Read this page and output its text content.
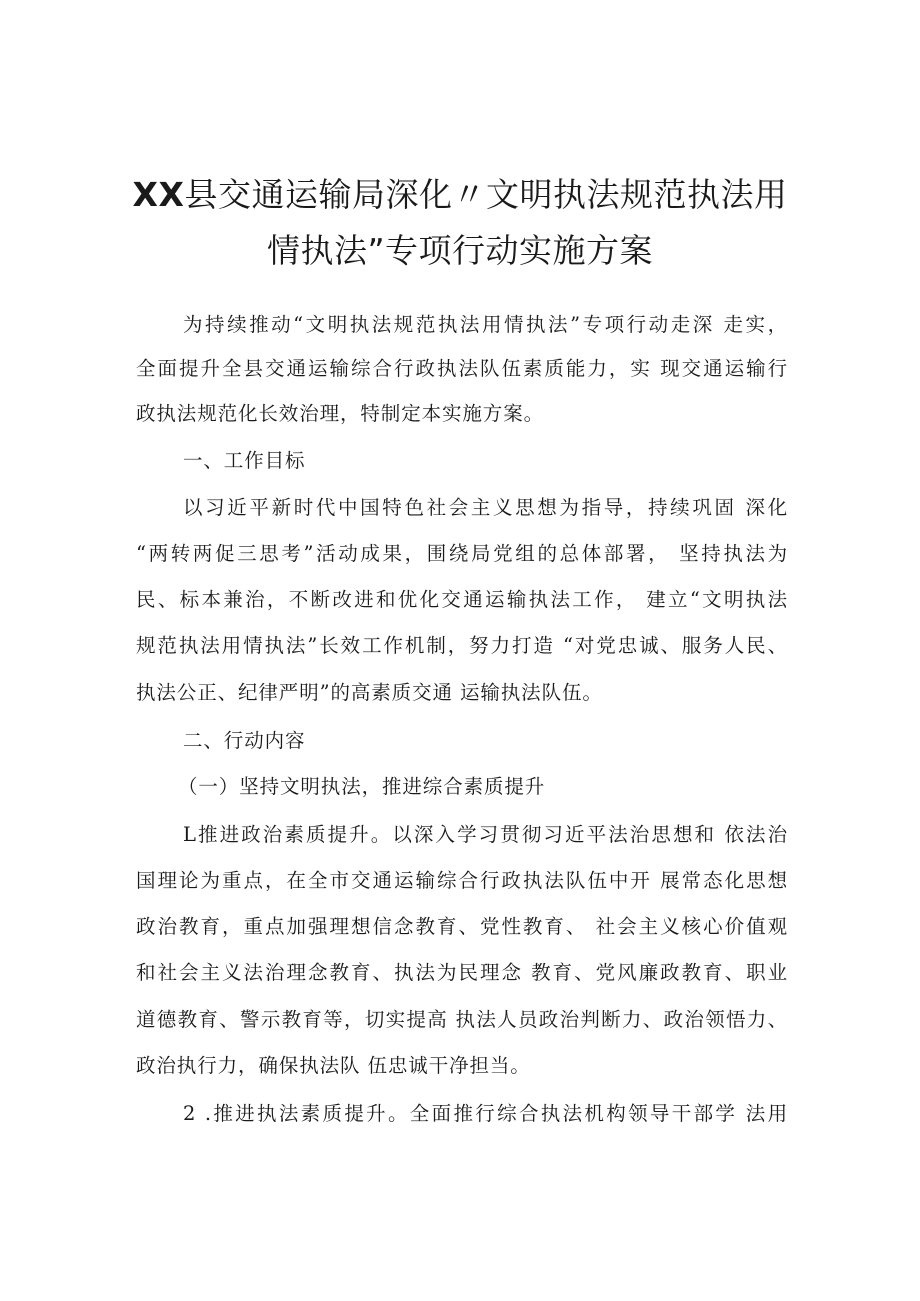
XX县交通运输局深化〃文明执法规范执法用
情执法”专项行动实施方案
为持续推动“文明执法规范执法用情执法”专项行动走深 走实，
全面提升全县交通运输综合行政执法队伍素质能力，实 现交通运输行
政执法规范化长效治理，特制定本实施方案。
一、工作目标
以习近平新时代中国特色社会主义思想为指导，持续巩固 深化
“两转两促三思考”活动成果，围绕局党组的总体部署， 坚持执法为
民、标本兼治，不断改进和优化交通运输执法工作， 建立“文明执法
规范执法用情执法”长效工作机制，努力打造 “对党忠诚、服务人民、
执法公正、纪律严明”的高素质交通 运输执法队伍。
二、行动内容
（一）坚持文明执法，推进综合素质提升
L推进政治素质提升。以深入学习贯彻习近平法治思想和 依法治
国理论为重点，在全市交通运输综合行政执法队伍中开 展常态化思想
政治教育，重点加强理想信念教育、党性教育、 社会主义核心价值观
和社会主义法治理念教育、执法为民理念 教育、党风廉政教育、职业
道德教育、警示教育等，切实提高 执法人员政治判断力、政治领悟力、
政治执行力，确保执法队 伍忠诚干净担当。
2 .推进执法素质提升。全面推行综合执法机构领导干部学 法用
